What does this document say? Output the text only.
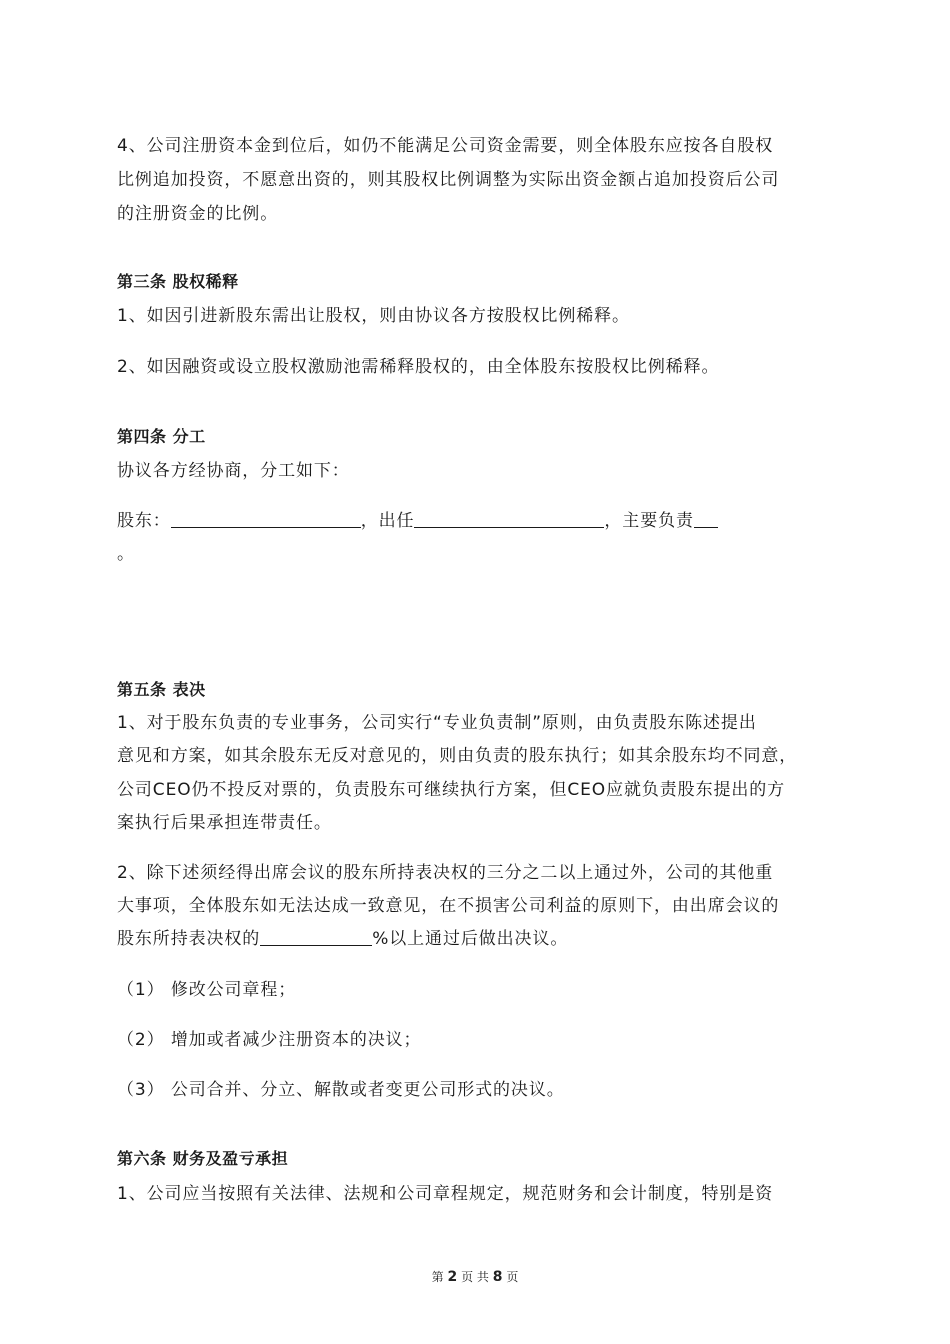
4、公司注册资本金到位后，如仍不能满足公司资金需要，则全体股东应按各自股权
比例追加投资，不愿意出资的，则其股权比例调整为实际出资金额占追加投资后公司
的注册资金的比例。
第三条 股权稀释
1、如因引进新股东需出让股权，则由协议各方按股权比例稀释。
2、如因融资或设立股权激励池需稀释股权的，由全体股东按股权比例稀释。
第四条 分工
协议各方经协商，分工如下：
股东：	，出任	，主要负责
。
第五条 表决
1、对于股东负责的专业事务，公司实行“专业负责制”原则，由负责股东陈述提出
意见和方案，如其余股东无反对意见的，则由负责的股东执行；如其余股东均不同意，
公司CEO仍不投反对票的，负责股东可继续执行方案，但CEO应就负责股东提出的方
案执行后果承担连带责任。
2、除下述须经得出席会议的股东所持表决权的三分之二以上通过外，公司的其他重
大事项，全体股东如无法达成一致意见，在不损害公司利益的原则下，由出席会议的
股东所持表决权的	%以上通过后做出决议。
（1） 修改公司章程；
（2） 增加或者减少注册资本的决议；
（3） 公司合并、分立、解散或者变更公司形式的决议。
第六条 财务及盈亏承担
1、公司应当按照有关法律、法规和公司章程规定，规范财务和会计制度，特别是资
第 2 页 共 8 页
